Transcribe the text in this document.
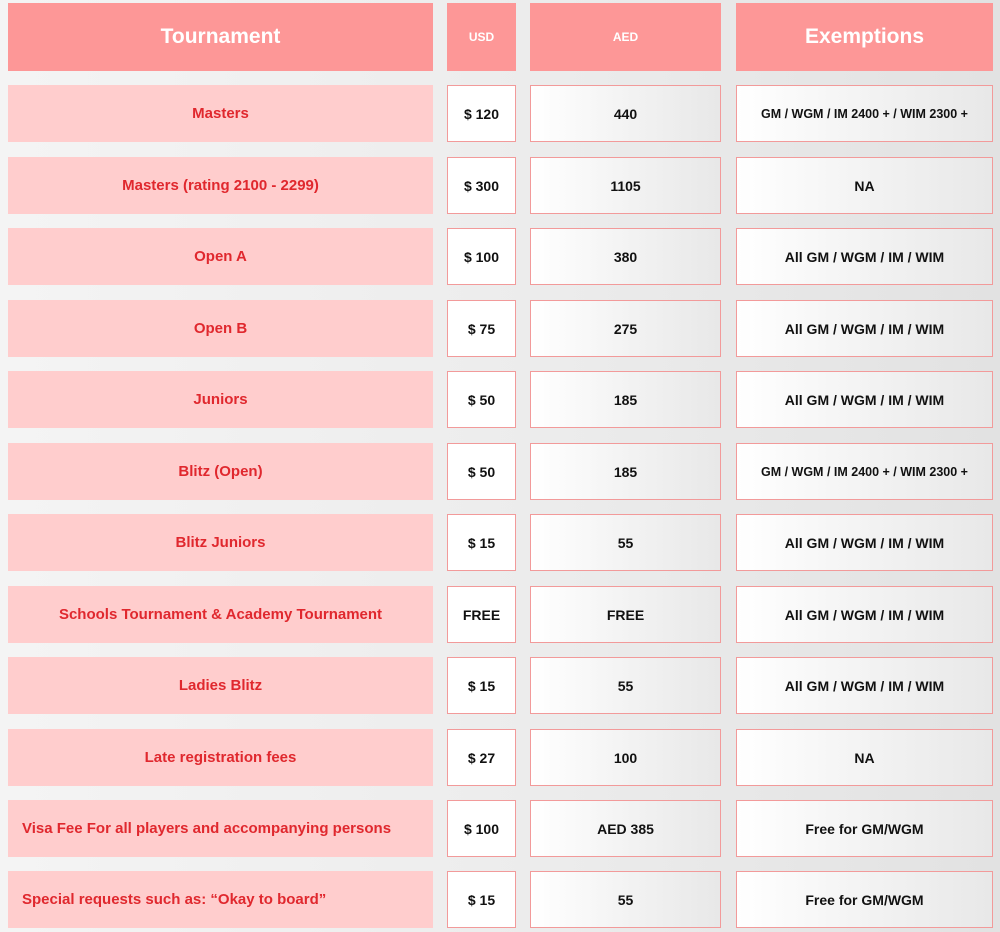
Tournament	USD	AED	Exemptions
Masters	$ 120	440	GM / WGM / IM 2400 + / WIM 2300 +
Masters (rating 2100 - 2299)	$ 300	1105	NA
Open A	$ 100	380	All GM / WGM / IM / WIM
Open B	$ 75	275	All GM / WGM / IM / WIM
Juniors	$ 50	185	All GM / WGM / IM / WIM
Blitz (Open)	$ 50	185	GM / WGM / IM 2400 + / WIM 2300 +
Blitz Juniors	$ 15	55	All GM / WGM / IM / WIM
Schools Tournament & Academy Tournament	FREE	FREE	All GM / WGM / IM / WIM
Ladies Blitz	$ 15	55	All GM / WGM / IM / WIM
Late registration fees	$ 27	100	NA
Visa Fee For all players and accompanying persons	$ 100	AED 385	Free for GM/WGM
Special requests such as: “Okay to board”	$ 15	55	Free for GM/WGM
